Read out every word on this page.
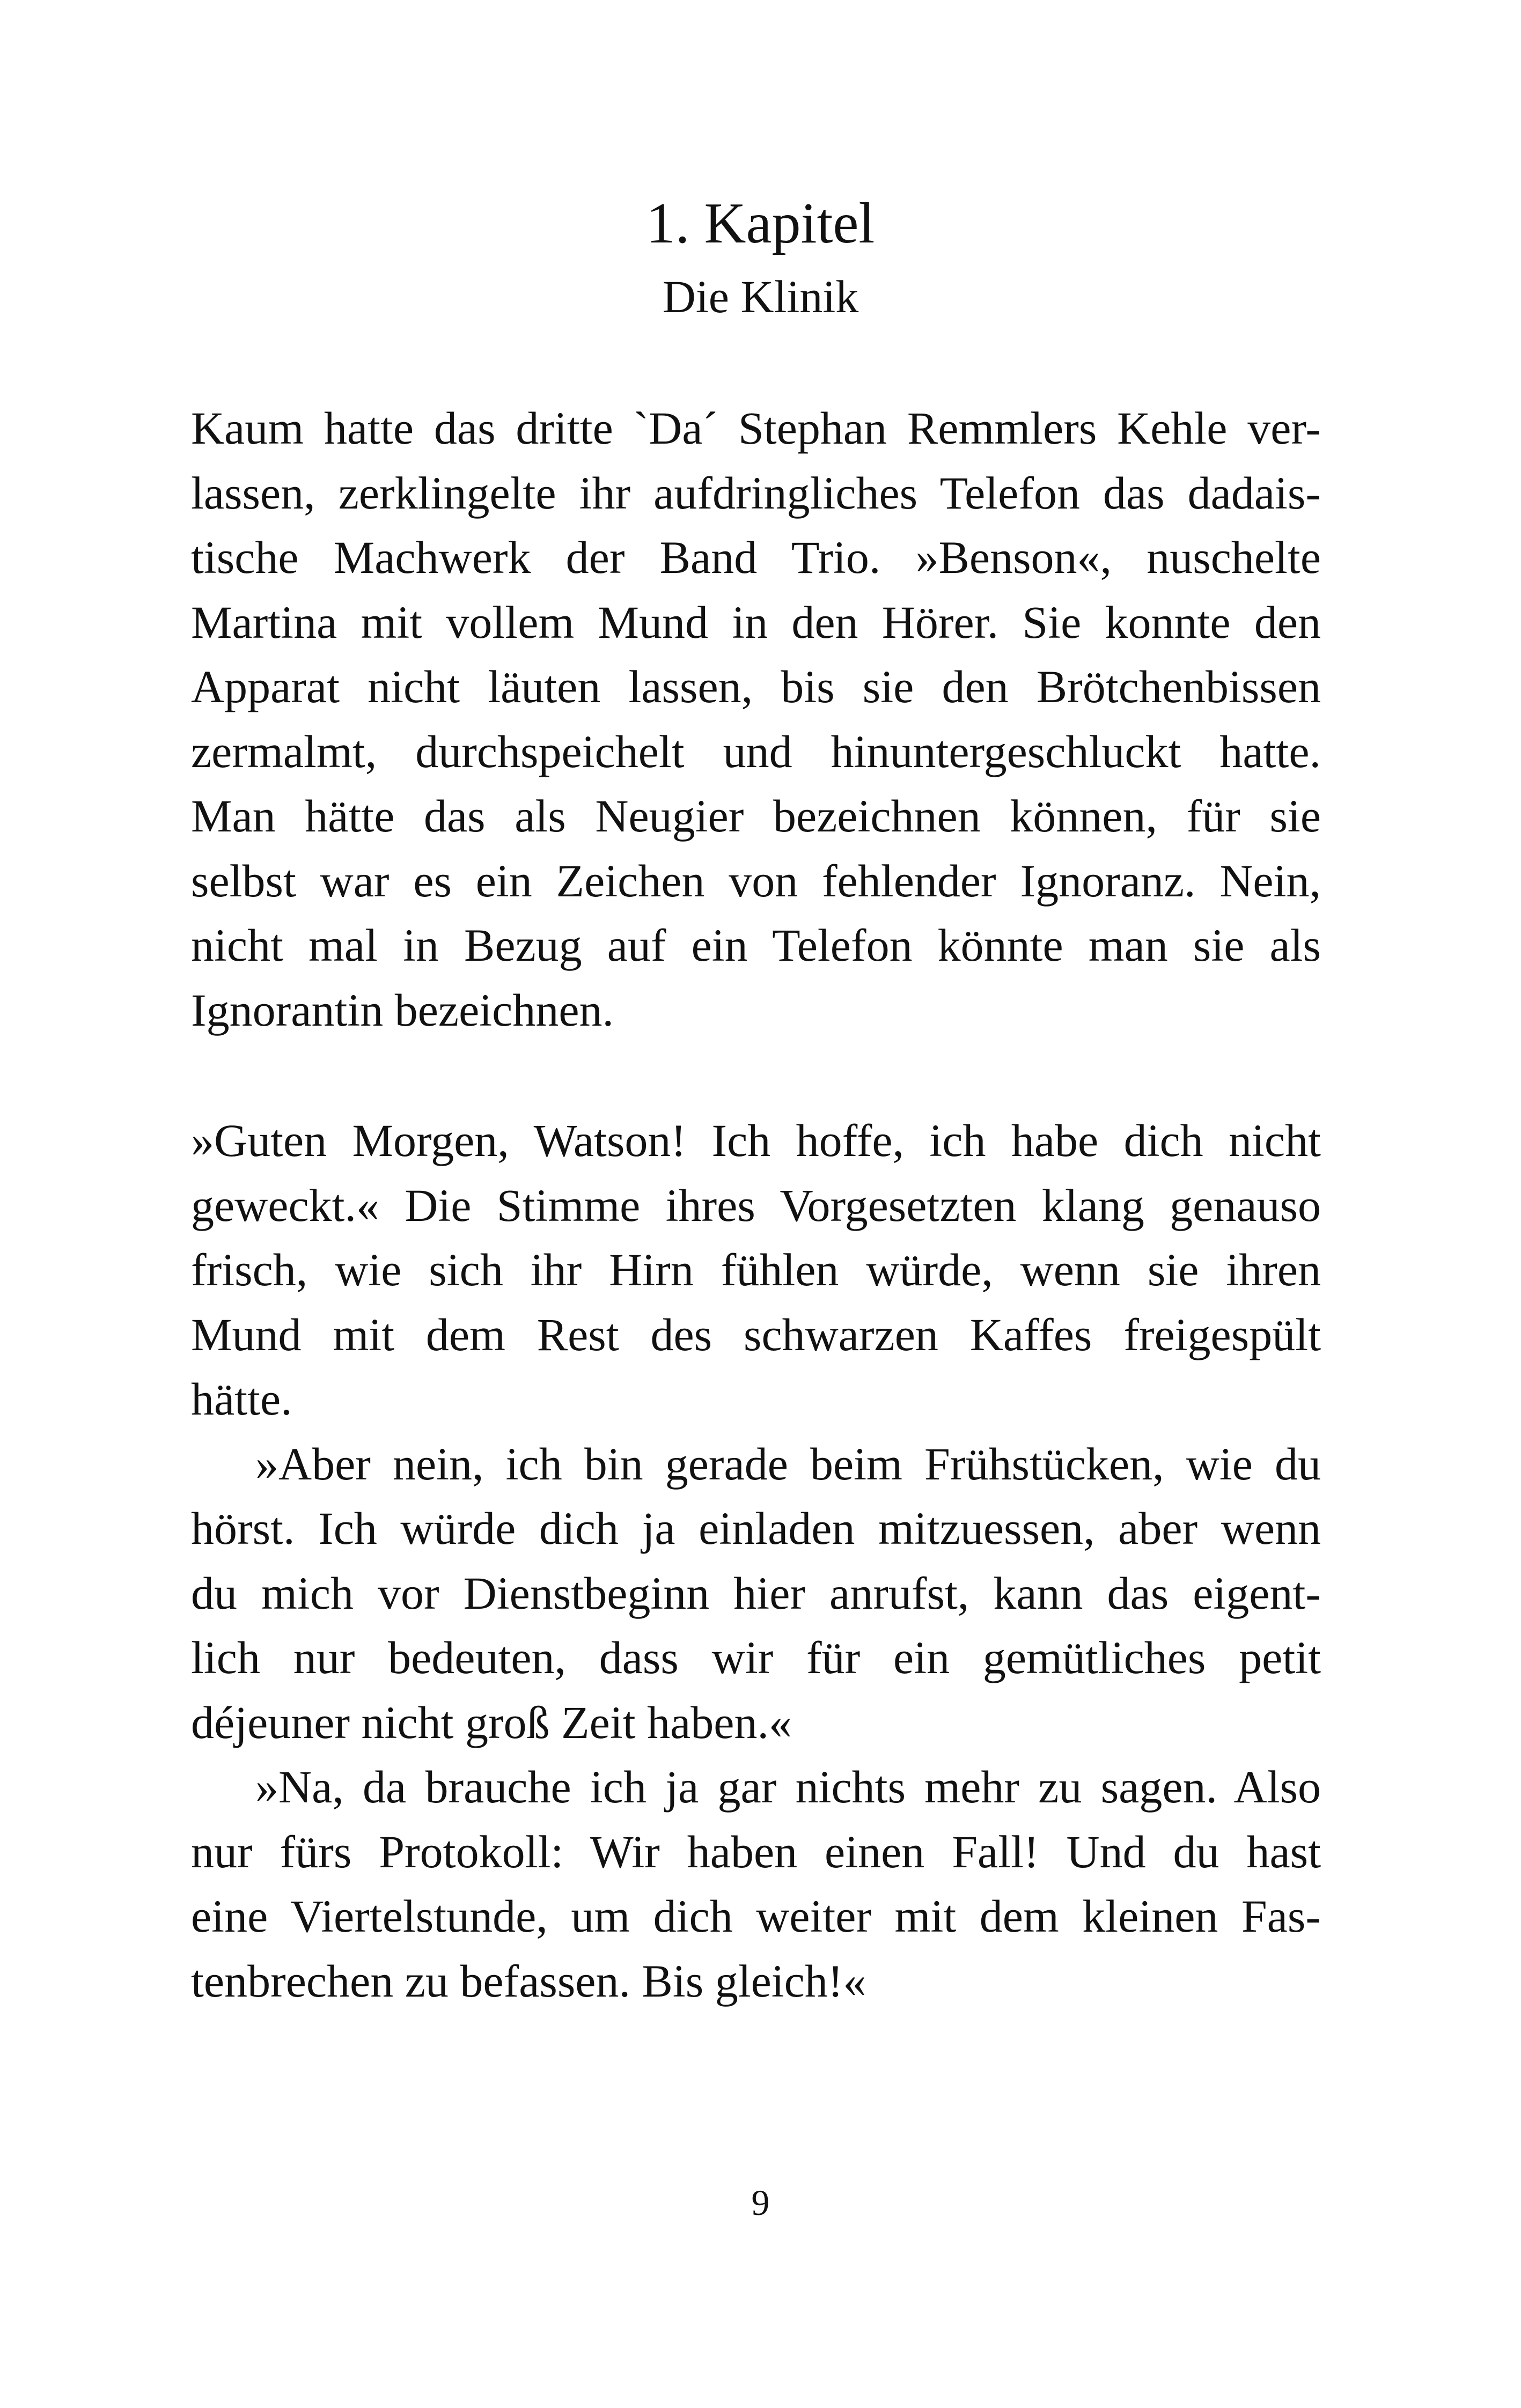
1. Kapitel
Die Klinik
Kaum hatte das dritte `Da´ Stephan Remmlers Kehle ver-
lassen, zerklingelte ihr aufdringliches Telefon das dadais-
tische Machwerk der Band Trio. »Benson«, nuschelte
Martina mit vollem Mund in den Hörer. Sie konnte den
Apparat nicht läuten lassen, bis sie den Brötchenbissen
zermalmt, durchspeichelt und hinuntergeschluckt hatte.
Man hätte das als Neugier bezeichnen können, für sie
selbst war es ein Zeichen von fehlender Ignoranz. Nein,
nicht mal in Bezug auf ein Telefon könnte man sie als
Ignorantin bezeichnen.
»Guten Morgen, Watson! Ich hoffe, ich habe dich nicht
geweckt.« Die Stimme ihres Vorgesetzten klang genauso
frisch, wie sich ihr Hirn fühlen würde, wenn sie ihren
Mund mit dem Rest des schwarzen Kaffes freigespült
hätte.
»Aber nein, ich bin gerade beim Frühstücken, wie du
hörst. Ich würde dich ja einladen mitzuessen, aber wenn
du mich vor Dienstbeginn hier anrufst, kann das eigent-
lich nur bedeuten, dass wir für ein gemütliches petit
déjeuner nicht groß Zeit haben.«
»Na, da brauche ich ja gar nichts mehr zu sagen. Also
nur fürs Protokoll: Wir haben einen Fall! Und du hast
eine Viertelstunde, um dich weiter mit dem kleinen Fas-
tenbrechen zu befassen. Bis gleich!«
9
